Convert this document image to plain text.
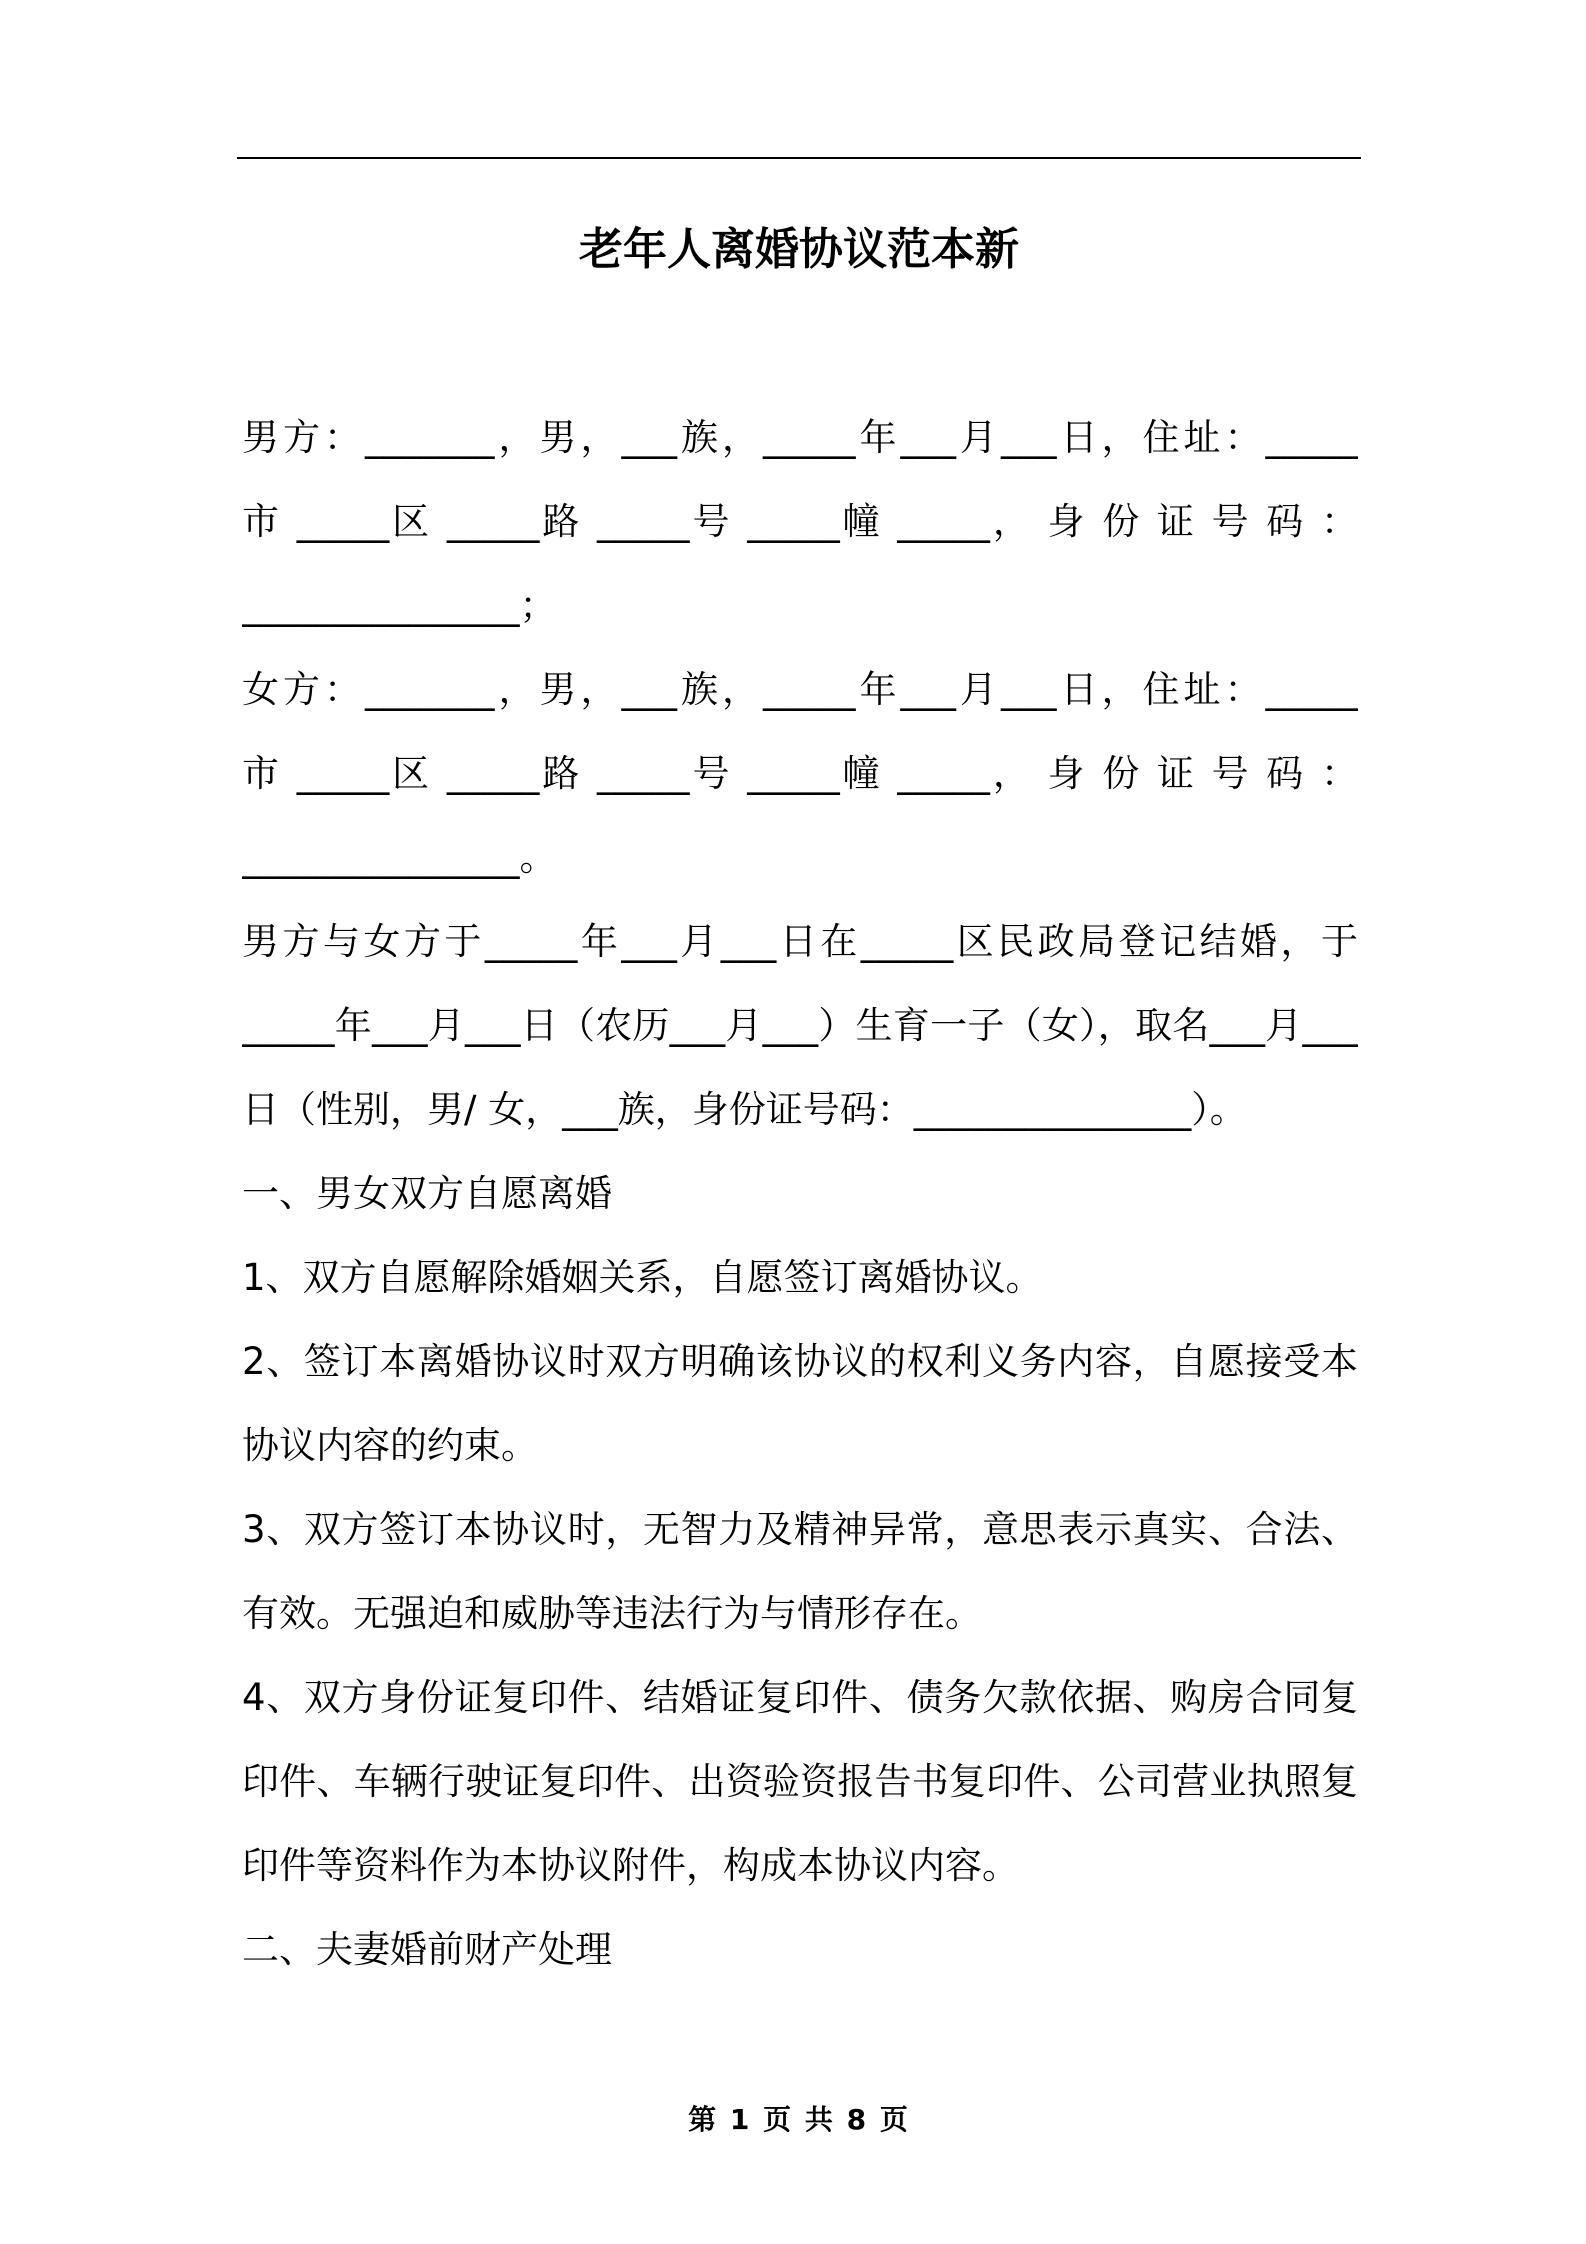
老年人离婚协议范本新
男方：_______，男，___族，_____年___月___日，住址：_____
市 _____区 _____路 _____号 _____幢 _____， 身 份 证 号 码 ：
_______________；
女方：_______，男，___族，_____年___月___日，住址：_____
市 _____区 _____路 _____号 _____幢 _____， 身 份 证 号 码 ：
_______________。
男方与女方于_____年___月___日在_____区民政局登记结婚，于
_____年___月___日（农历___月___）生育一子（女），取名___月___
日（性别，男/ 女，___族，身份证号码：_______________）。
一、男女双方自愿离婚
1、双方自愿解除婚姻关系，自愿签订离婚协议。
2、签订本离婚协议时双方明确该协议的权利义务内容，自愿接受本
协议内容的约束。
3、双方签订本协议时，无智力及精神异常，意思表示真实、合法、
有效。无强迫和威胁等违法行为与情形存在。
4、双方身份证复印件、结婚证复印件、债务欠款依据、购房合同复
印件、车辆行驶证复印件、出资验资报告书复印件、公司营业执照复
印件等资料作为本协议附件，构成本协议内容。
二、夫妻婚前财产处理
第 1 页 共 8 页
